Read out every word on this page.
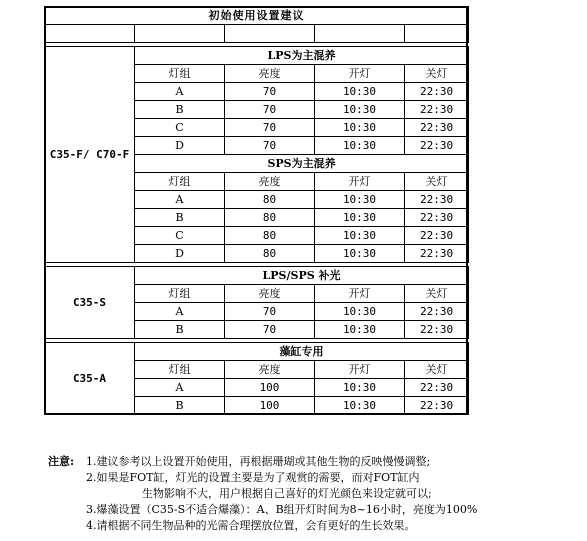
初始使用设置建议				

C35-F/ C70-F	LPS为主混养			
	灯组	亮度	开灯	关灯
	A	70	10:30	22:30
	B	70	10:30	22:30
	C	70	10:30	22:30
	D	70	10:30	22:30
	SPS为主混养			
	灯组	亮度	开灯	关灯
	A	80	10:30	22:30
	B	80	10:30	22:30
	C	80	10:30	22:30
	D	80	10:30	22:30

C35-S	LPS/SPS 补光			
	灯组	亮度	开灯	关灯
	A	70	10:30	22:30
	B	70	10:30	22:30

C35-A	藻缸专用			
	灯组	亮度	开灯	关灯
	A	100	10:30	22:30
	B	100	10:30	22:30
注意:	1.建议参考以上设置开始使用，再根据珊瑚或其他生物的反映慢慢调整;
2.如果是FOT缸，灯光的设置主要是为了观赏的需要，而对FOT缸内
生物影响不大，用户根据自己喜好的灯光颜色来设定就可以;
3.爆藻设置（C35-S不适合爆藻）：A、B组开灯时间为8~16小时，亮度为100%
4.请根据不同生物品种的光需合理摆放位置，会有更好的生长效果。
